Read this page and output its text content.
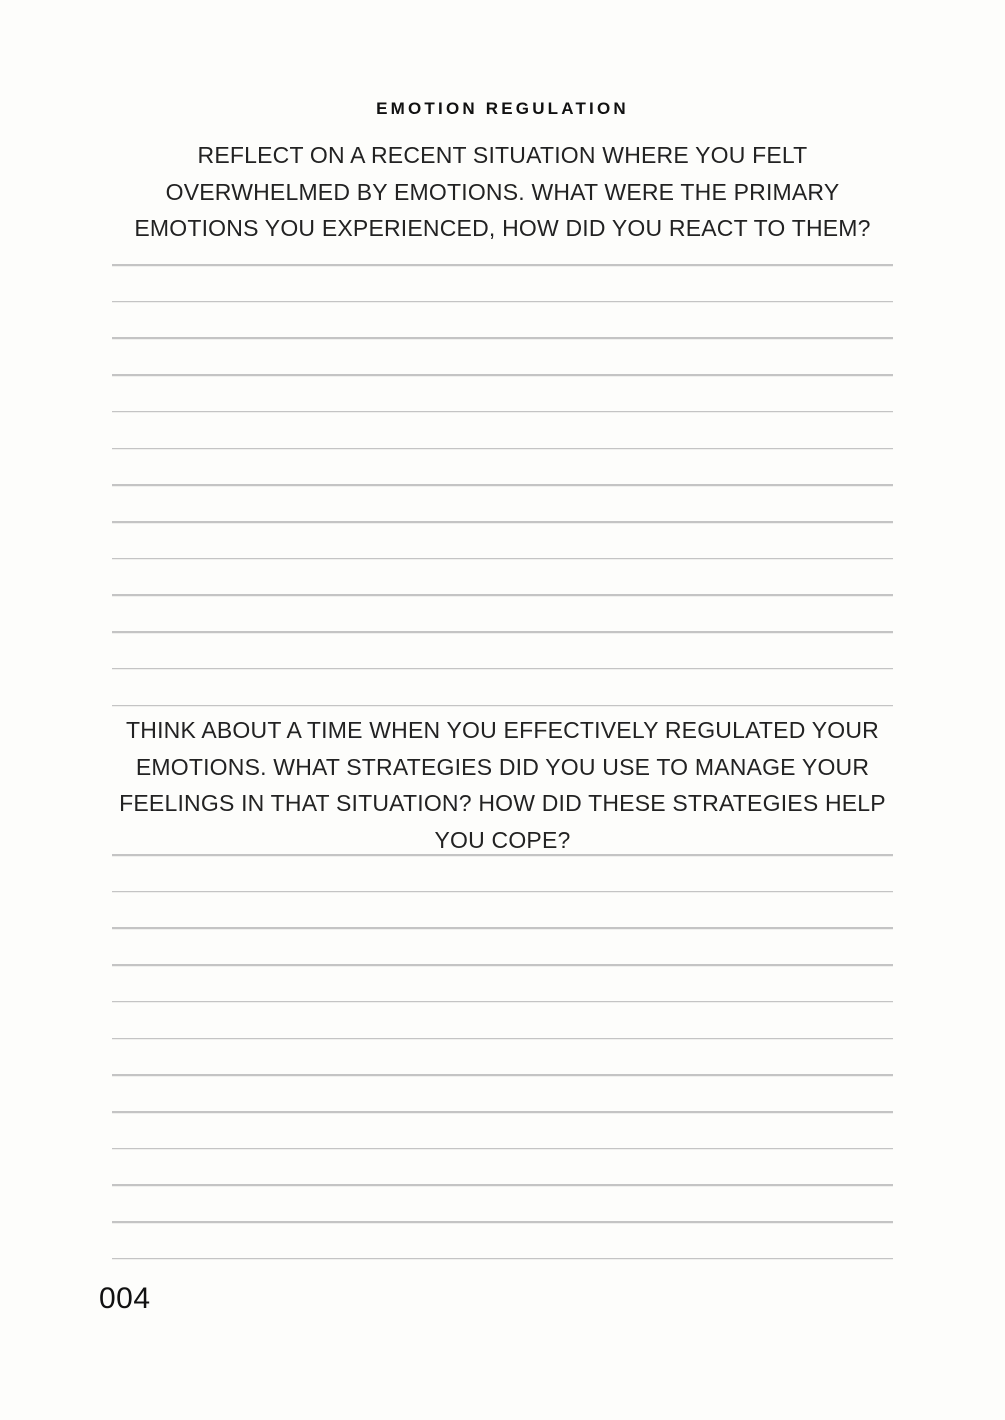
EMOTION REGULATION

REFLECT ON A RECENT SITUATION WHERE YOU FELT
OVERWHELMED BY EMOTIONS. WHAT WERE THE PRIMARY
EMOTIONS YOU EXPERIENCED, HOW DID YOU REACT TO THEM?

THINK ABOUT A TIME WHEN YOU EFFECTIVELY REGULATED YOUR
EMOTIONS. WHAT STRATEGIES DID YOU USE TO MANAGE YOUR
FEELINGS IN THAT SITUATION? HOW DID THESE STRATEGIES HELP
YOU COPE?

004
